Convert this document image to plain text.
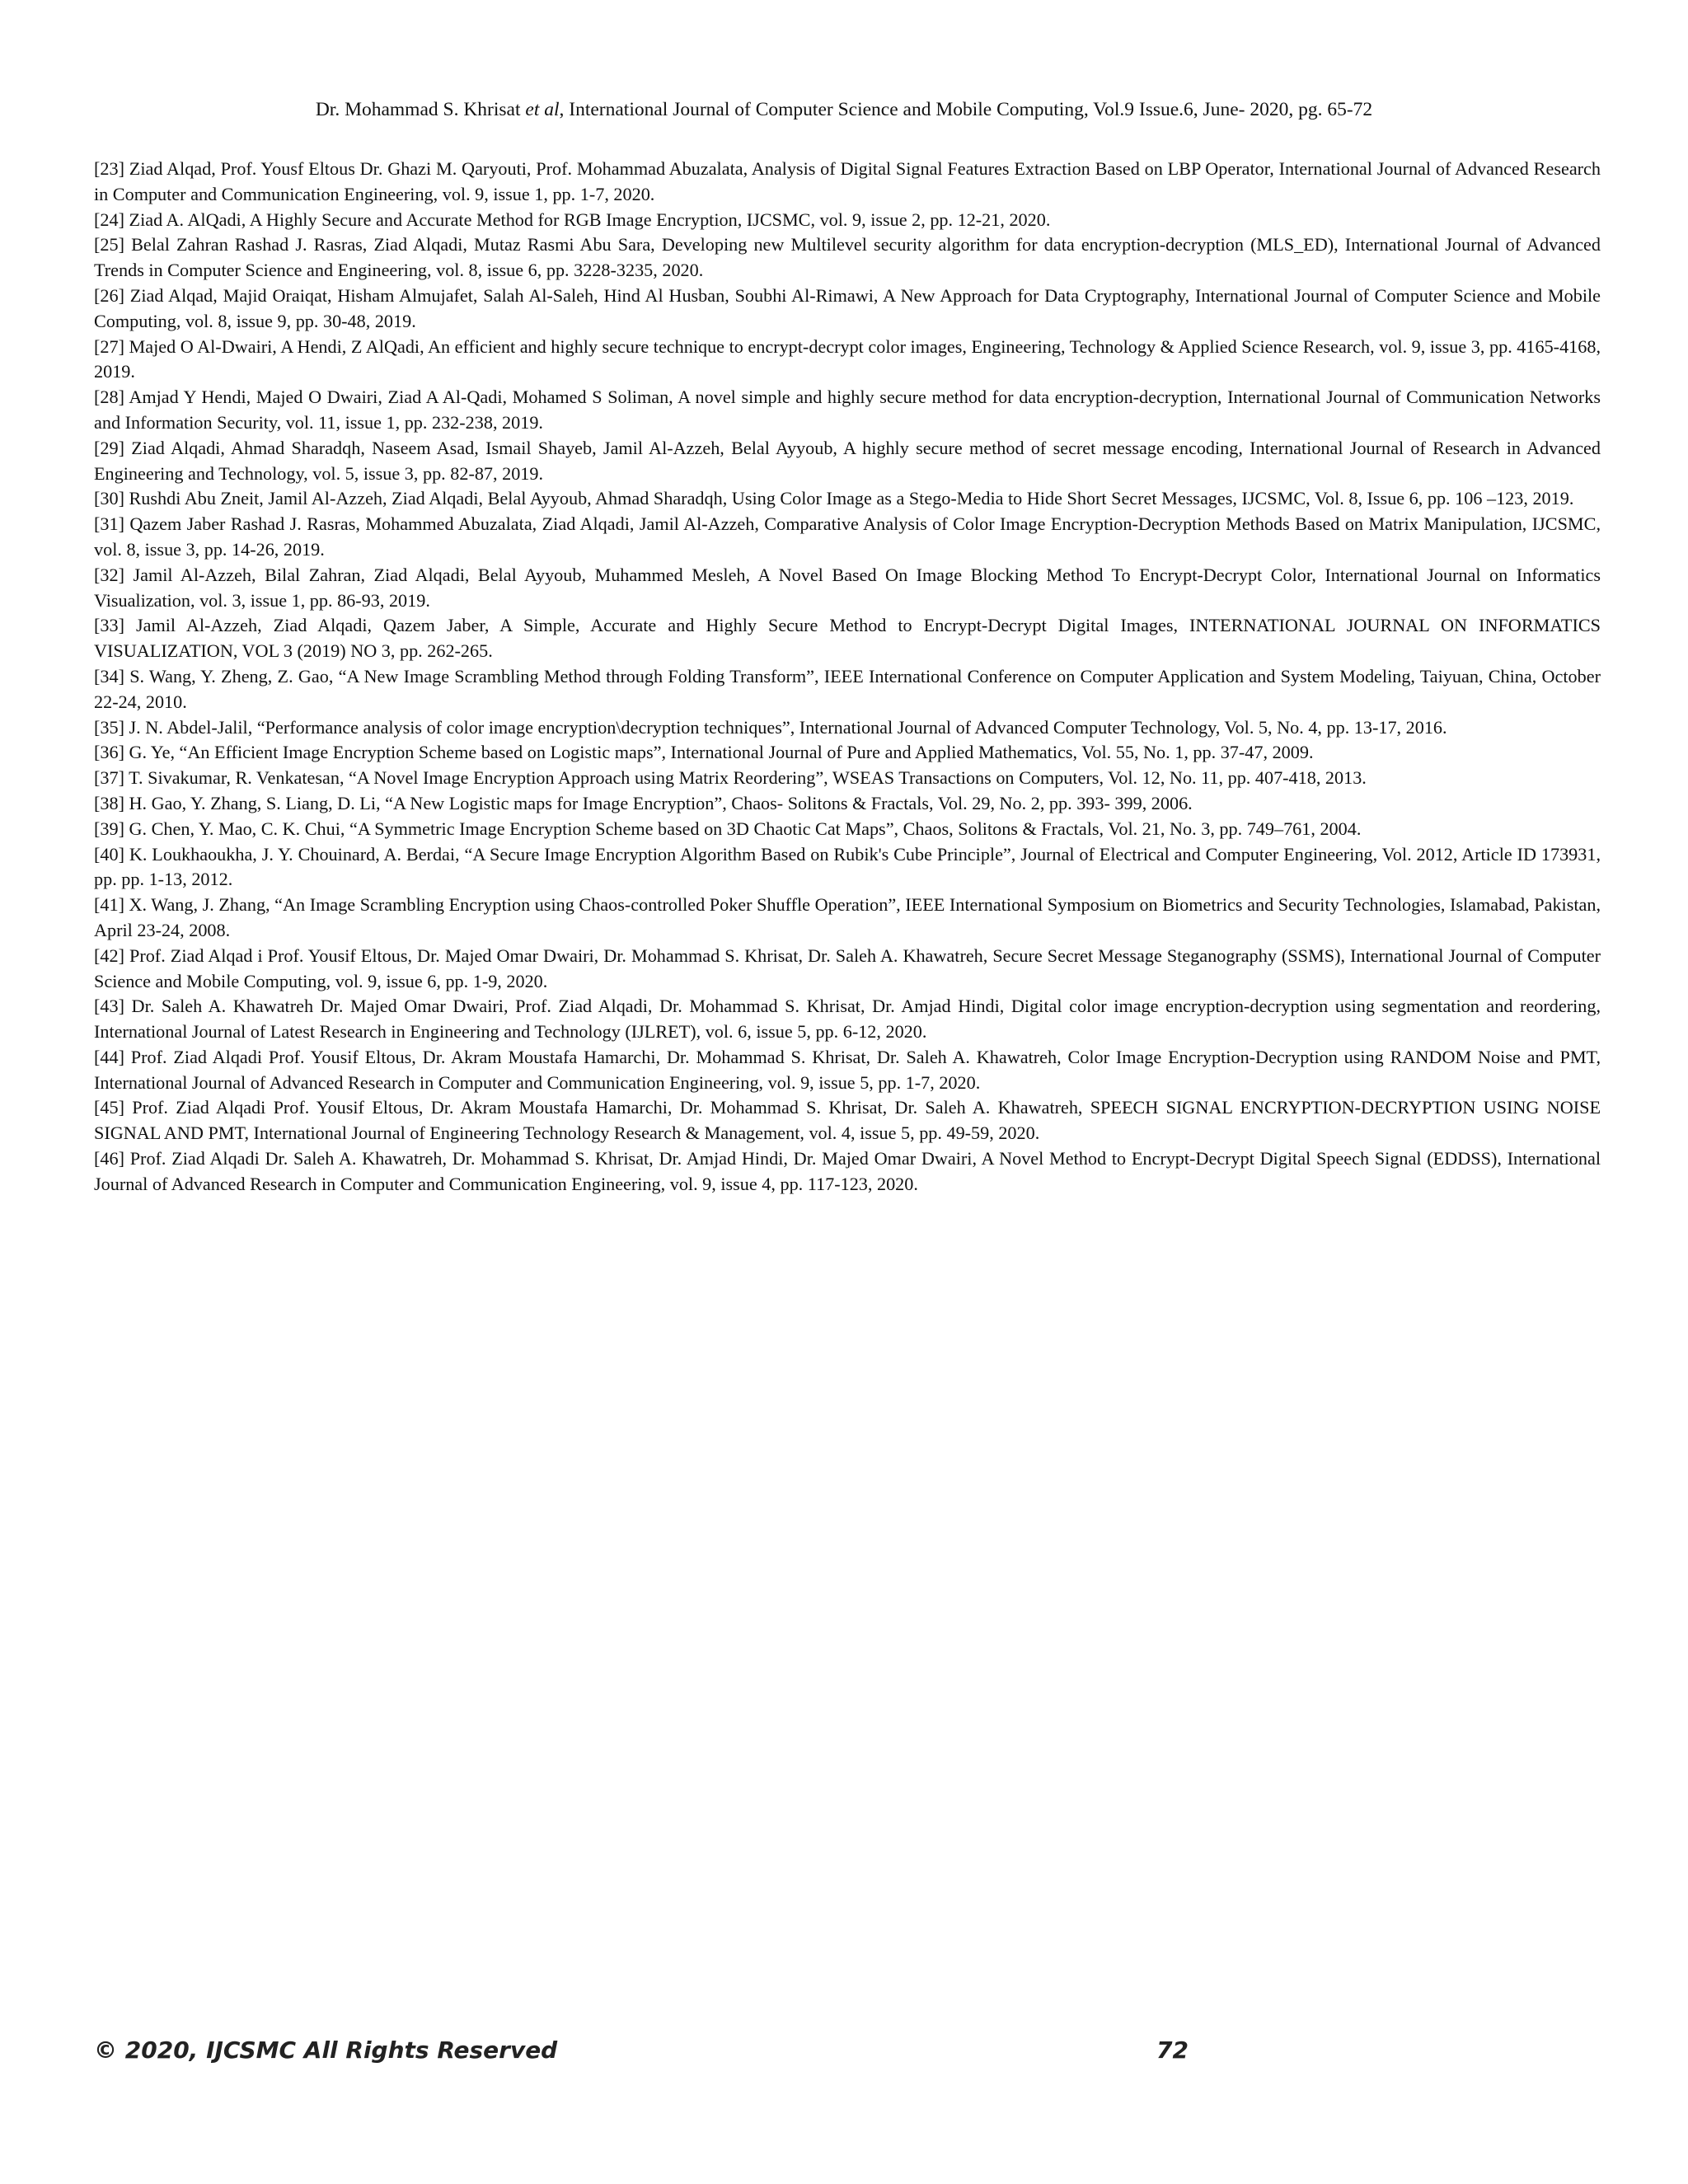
Dr. Mohammad S. Khrisat et al, International Journal of Computer Science and Mobile Computing, Vol.9 Issue.6, June- 2020, pg. 65-72

[23] Ziad Alqad, Prof. Yousf Eltous Dr. Ghazi M. Qaryouti, Prof. Mohammad Abuzalata, Analysis of Digital Signal Features Extraction Based on LBP Operator, International Journal of Advanced Research in Computer and Communication Engineering, vol. 9, issue 1, pp. 1-7, 2020.

[24] Ziad A. AlQadi, A Highly Secure and Accurate Method for RGB Image Encryption, IJCSMC, vol. 9, issue 2, pp. 12-21, 2020.

[25] Belal Zahran Rashad J. Rasras, Ziad Alqadi, Mutaz Rasmi Abu Sara, Developing new Multilevel security algorithm for data encryption-decryption (MLS_ED), International Journal of Advanced Trends in Computer Science and Engineering, vol. 8, issue 6, pp. 3228-3235, 2020.

[26] Ziad Alqad, Majid Oraiqat, Hisham Almujafet, Salah Al-Saleh, Hind Al Husban, Soubhi Al-Rimawi, A New Approach for Data Cryptography, International Journal of Computer Science and Mobile Computing, vol. 8, issue 9, pp. 30-48, 2019.

[27] Majed O Al-Dwairi, A Hendi, Z AlQadi, An efficient and highly secure technique to encrypt-decrypt color images, Engineering, Technology & Applied Science Research, vol. 9, issue 3, pp. 4165-4168, 2019.

[28] Amjad Y Hendi, Majed O Dwairi, Ziad A Al-Qadi, Mohamed S Soliman, A novel simple and highly secure method for data encryption-decryption, International Journal of Communication Networks and Information Security, vol. 11, issue 1, pp. 232-238, 2019.

[29] Ziad Alqadi, Ahmad Sharadqh, Naseem Asad, Ismail Shayeb, Jamil Al-Azzeh, Belal Ayyoub, A highly secure method of secret message encoding, International Journal of Research in Advanced Engineering and Technology, vol. 5, issue 3, pp. 82-87, 2019.

[30] Rushdi Abu Zneit, Jamil Al-Azzeh, Ziad Alqadi, Belal Ayyoub, Ahmad Sharadqh, Using Color Image as a Stego-Media to Hide Short Secret Messages, IJCSMC, Vol. 8, Issue 6, pp. 106 –123, 2019.

[31] Qazem Jaber Rashad J. Rasras, Mohammed Abuzalata, Ziad Alqadi, Jamil Al-Azzeh, Comparative Analysis of Color Image Encryption-Decryption Methods Based on Matrix Manipulation, IJCSMC, vol. 8, issue 3, pp. 14-26, 2019.

[32] Jamil Al-Azzeh, Bilal Zahran, Ziad Alqadi, Belal Ayyoub, Muhammed Mesleh, A Novel Based On Image Blocking Method To Encrypt-Decrypt Color, International Journal on Informatics Visualization, vol. 3, issue 1, pp. 86-93, 2019.

[33] Jamil Al-Azzeh, Ziad Alqadi, Qazem Jaber, A Simple, Accurate and Highly Secure Method to Encrypt-Decrypt Digital Images, INTERNATIONAL JOURNAL ON INFORMATICS VISUALIZATION, VOL 3 (2019) NO 3, pp. 262-265.

[34] S. Wang, Y. Zheng, Z. Gao, “A New Image Scrambling Method through Folding Transform”, IEEE International Conference on Computer Application and System Modeling, Taiyuan, China, October 22-24, 2010.

[35] J. N. Abdel-Jalil, “Performance analysis of color image encryption\decryption techniques”, International Journal of Advanced Computer Technology, Vol. 5, No. 4, pp. 13-17, 2016.

[36] G. Ye, “An Efficient Image Encryption Scheme based on Logistic maps”, International Journal of Pure and Applied Mathematics, Vol. 55, No. 1, pp. 37-47, 2009.

[37] T. Sivakumar, R. Venkatesan, “A Novel Image Encryption Approach using Matrix Reordering”, WSEAS Transactions on Computers, Vol. 12, No. 11, pp. 407-418, 2013.

[38] H. Gao, Y. Zhang, S. Liang, D. Li, “A New Logistic maps for Image Encryption”, Chaos- Solitons & Fractals, Vol. 29, No. 2, pp. 393- 399, 2006.

[39] G. Chen, Y. Mao, C. K. Chui, “A Symmetric Image Encryption Scheme based on 3D Chaotic Cat Maps”, Chaos, Solitons & Fractals, Vol. 21, No. 3, pp. 749–761, 2004.

[40] K. Loukhaoukha, J. Y. Chouinard, A. Berdai, “A Secure Image Encryption Algorithm Based on Rubik's Cube Principle”, Journal of Electrical and Computer Engineering, Vol. 2012, Article ID 173931, pp. pp. 1-13, 2012.

[41] X. Wang, J. Zhang, “An Image Scrambling Encryption using Chaos-controlled Poker Shuffle Operation”, IEEE International Symposium on Biometrics and Security Technologies, Islamabad, Pakistan, April 23-24, 2008.

[42] Prof. Ziad Alqad i Prof. Yousif Eltous, Dr. Majed Omar Dwairi, Dr. Mohammad S. Khrisat, Dr. Saleh A. Khawatreh, Secure Secret Message Steganography (SSMS), International Journal of Computer Science and Mobile Computing, vol. 9, issue 6, pp. 1-9, 2020.

[43] Dr. Saleh A. Khawatreh Dr. Majed Omar Dwairi, Prof. Ziad Alqadi, Dr. Mohammad S. Khrisat, Dr. Amjad Hindi, Digital color image encryption-decryption using segmentation and reordering, International Journal of Latest Research in Engineering and Technology (IJLRET), vol. 6, issue 5, pp. 6-12, 2020.

[44] Prof. Ziad Alqadi Prof. Yousif Eltous, Dr. Akram Moustafa Hamarchi, Dr. Mohammad S. Khrisat, Dr. Saleh A. Khawatreh, Color Image Encryption-Decryption using RANDOM Noise and PMT, International Journal of Advanced Research in Computer and Communication Engineering, vol. 9, issue 5, pp. 1-7, 2020.

[45] Prof. Ziad Alqadi Prof. Yousif Eltous, Dr. Akram Moustafa Hamarchi, Dr. Mohammad S. Khrisat, Dr. Saleh A. Khawatreh, SPEECH SIGNAL ENCRYPTION-DECRYPTION USING NOISE SIGNAL AND PMT, International Journal of Engineering Technology Research & Management, vol. 4, issue 5, pp. 49-59, 2020.

[46] Prof. Ziad Alqadi Dr. Saleh A. Khawatreh, Dr. Mohammad S. Khrisat, Dr. Amjad Hindi, Dr. Majed Omar Dwairi, A Novel Method to Encrypt-Decrypt Digital Speech Signal (EDDSS), International Journal of Advanced Research in Computer and Communication Engineering, vol. 9, issue 4, pp. 117-123, 2020.

© 2020, IJCSMC All Rights Reserved	72
